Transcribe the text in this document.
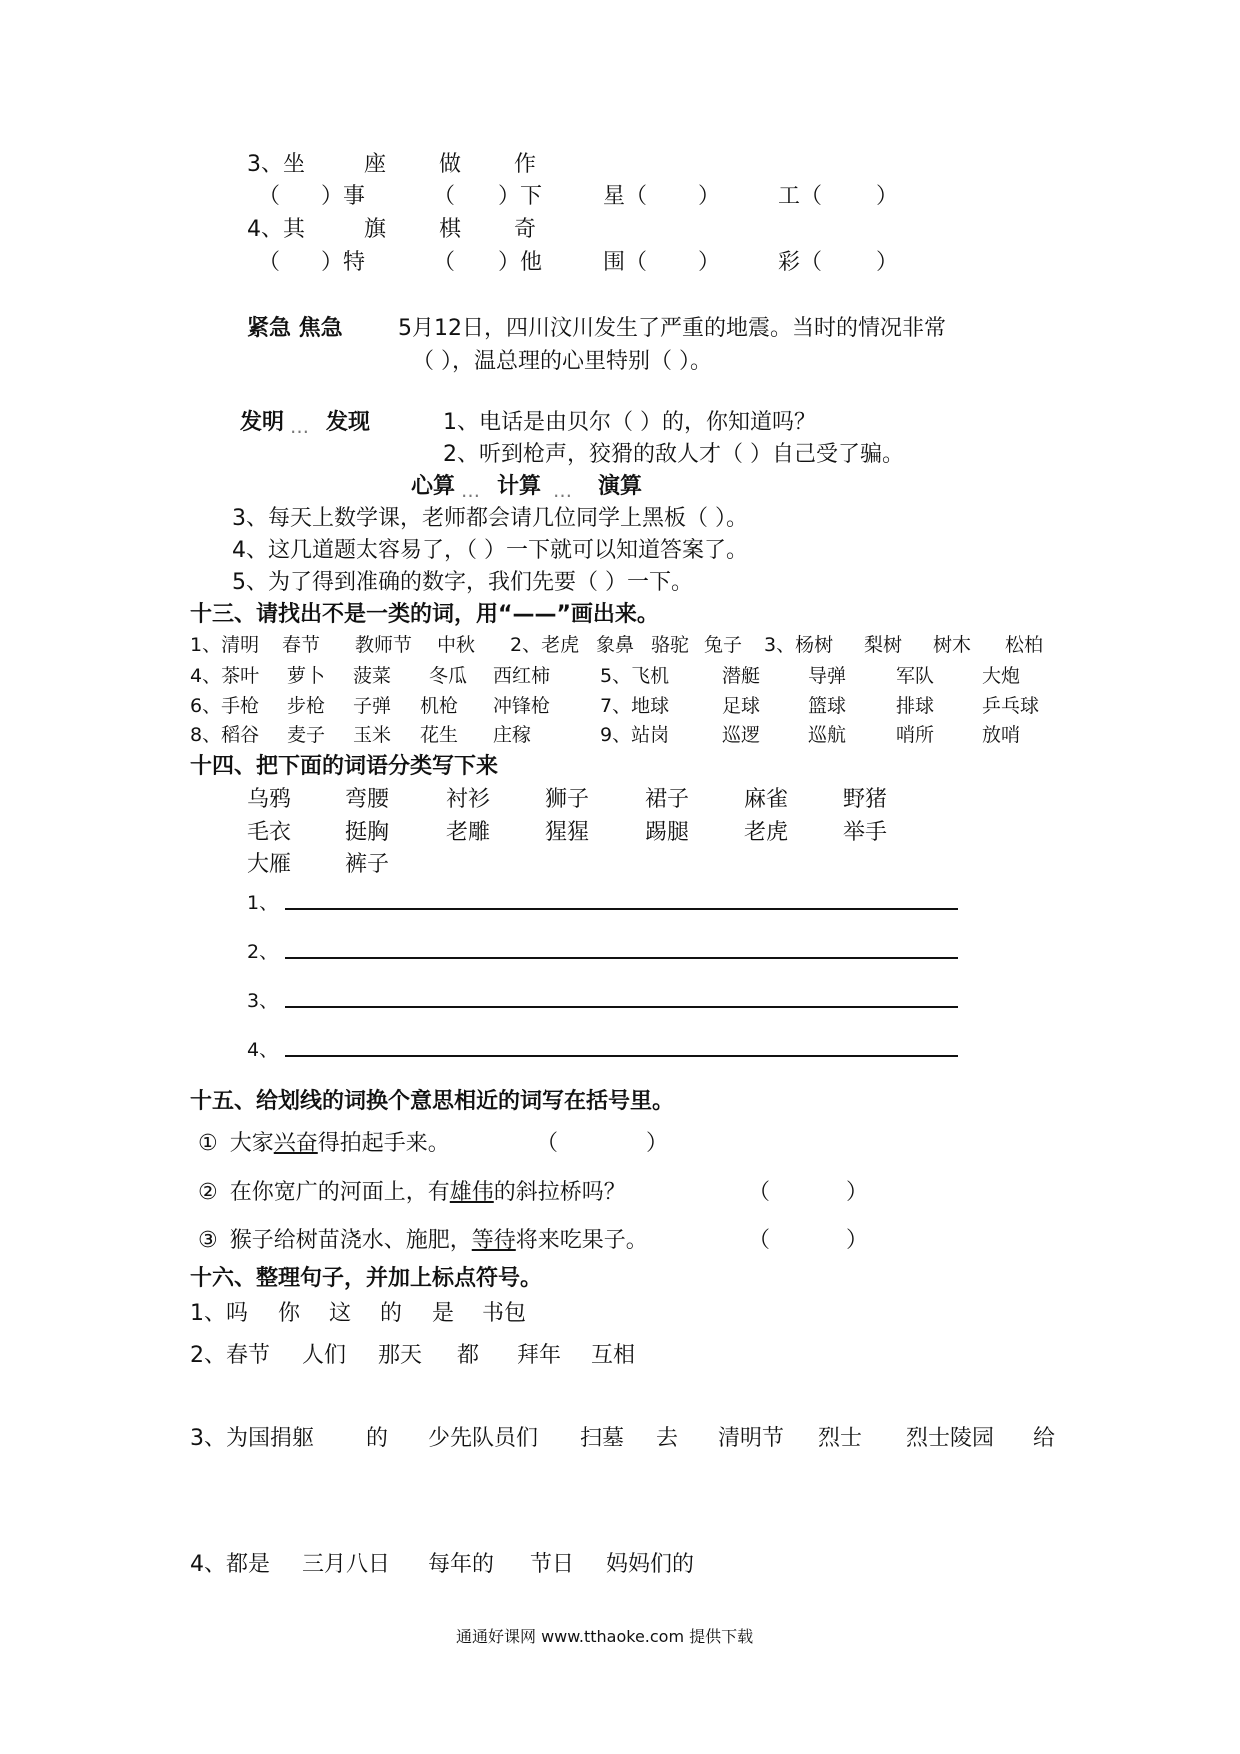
3、坐	座 做 作
（ ）事	（ ）下	星（ ）	工（ ）
4、其	旗 棋 奇
（ ）特	（ ）他	围（ ）	彩（ ）
紧急 焦急	5月12日，四川汶川发生了严重的地震。当时的情况非常
（ ），温总理的心里特别（ ）。
发明 … 发现	1、电话是由贝尔（ ）的，你知道吗？
2、听到枪声，狡猾的敌人才（ ）自己受了骗。
心算 … 计算 … 演算
3、每天上数学课，老师都会请几位同学上黑板（ ）。
4、这几道题太容易了，（ ）一下就可以知道答案了。
5、为了得到准确的数字，我们先要（ ）一下。
十三、请找出不是一类的词，用“——”画出来。
1、清明 春节 教师节 中秋 2、老虎 象鼻 骆驼 兔子 3、杨树 梨树 树木 松柏
4、茶叶 萝卜 菠菜 冬瓜 西红柿	5、飞机	潜艇	导弹	军队	大炮
6、手枪 步枪 子弹 机枪 冲锋枪	7、地球	足球	篮球	排球	乒乓球
8、稻谷 麦子 玉米 花生 庄稼	9、站岗	巡逻	巡航	哨所	放哨
十四、把下面的词语分类写下来
乌鸦 弯腰	衬衫 狮子	裙子 麻雀 野猪
毛衣 挺胸	老雕 猩猩	踢腿 老虎 举手
大雁 裤子
1、
2、
3、
4、
十五、给划线的词换个意思相近的词写在括号里。
① 大家兴奋得拍起手来。	（	）
② 在你宽广的河面上，有雄伟的斜拉桥吗？	（	）
③ 猴子给树苗浇水、施肥，等待将来吃果子。	（	）
十六、整理句子，并加上标点符号。
1、吗 你 这 的 是 书包
2、春节 人们 那天 都 拜年 互相
3、为国捐躯 的 少先队员们 扫墓 去 清明节 烈士 烈士陵园 给
4、都是 三月八日 每年的 节日 妈妈们的
通通好课网 www.tthaoke.com 提供下载
